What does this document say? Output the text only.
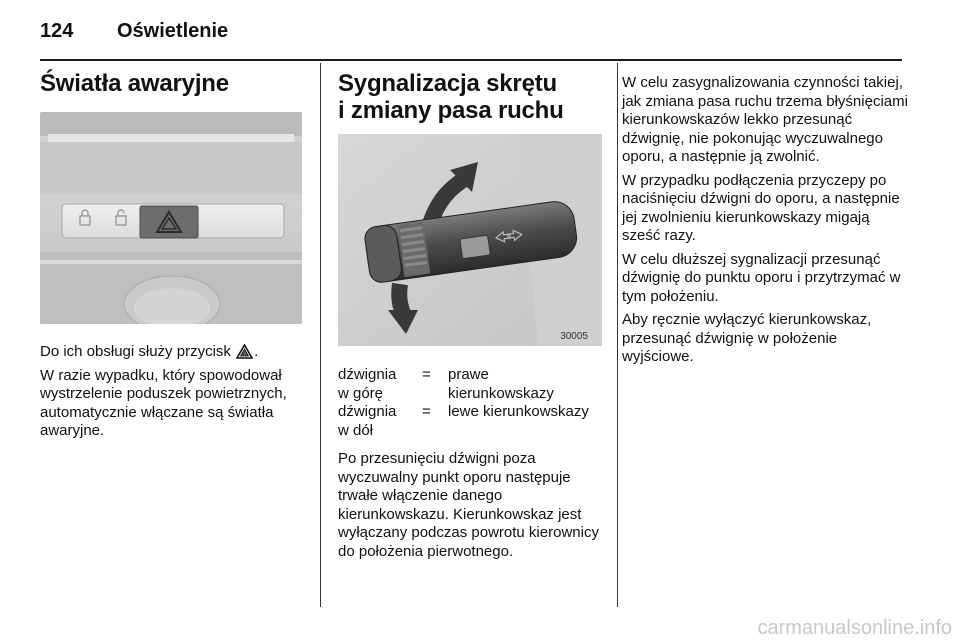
124 Oświetlenie
Światła awaryjne

Do ich obsługi służy przycisk .

W razie wypadku, który spowodował wystrzelenie poduszek powietrznych, automatycznie włączane są światła awaryjne.

Sygnalizacja skrętu
i zmiany pasa ruchu
30005
dźwignia
w górę
=	prawe
kierunkowskazy
dźwignia
w dół
=	lewe kierunkowskazy

Po przesunięciu dźwigni poza wyczuwalny punkt oporu następuje trwałe włączenie danego kierunkowskazu. Kierunkowskaz jest wyłączany podczas powrotu kierownicy do położenia pierwotnego.

W celu zasygnalizowania czynności takiej, jak zmiana pasa ruchu trzema błyśnięciami kierunkowskazów lekko przesunąć dźwignię, nie pokonując wyczuwalnego oporu, a następnie ją zwolnić.

W przypadku podłączenia przyczepy po naciśnięciu dźwigni do oporu, a następnie jej zwolnieniu kierunkowskazy migają sześć razy.

W celu dłuższej sygnalizacji przesunąć dźwignię do punktu oporu i przytrzymać w tym położeniu.

Aby ręcznie wyłączyć kierunkowskaz, przesunąć dźwignię w położenie wyjściowe.

carmanualsonline.info
